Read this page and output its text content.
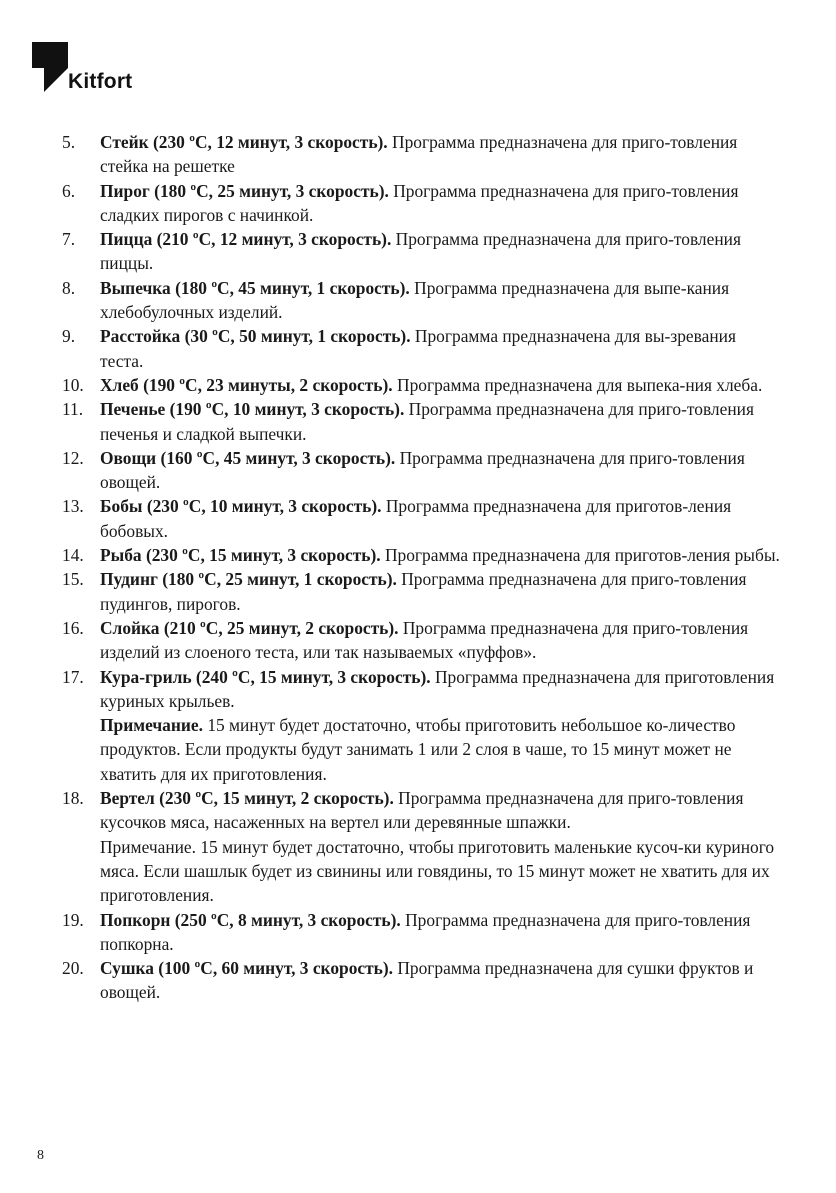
Kitfort
5.	Стейк (230 ºC, 12 минут, 3 скорость). Программа предназначена для приго-товления стейка на решетке
6.	Пирог (180 ºC, 25 минут, 3 скорость). Программа предназначена для приго-товления сладких пирогов с начинкой.
7.	Пицца (210 ºC, 12 минут, 3 скорость). Программа предназначена для приго-товления пиццы.
8.	Выпечка (180 ºC, 45 минут, 1 скорость). Программа предназначена для выпе-кания хлебобулочных изделий.
9.	Расстойка (30 ºC, 50 минут, 1 скорость). Программа предназначена для вы-зревания теста.
10. Хлеб (190 ºC, 23 минуты, 2 скорость). Программа предназначена для выпека-ния хлеба.
11. Печенье (190 ºC, 10 минут, 3 скорость). Программа предназначена для приго-товления печенья и сладкой выпечки.
12. Овощи (160 ºC, 45 минут, 3 скорость). Программа предназначена для приго-товления овощей.
13. Бобы (230 ºC, 10 минут, 3 скорость). Программа предназначена для приготов-ления бобовых.
14. Рыба (230 ºC, 15 минут, 3 скорость). Программа предназначена для приготов-ления рыбы.
15. Пудинг (180 ºC, 25 минут, 1 скорость). Программа предназначена для приго-товления пудингов, пирогов.
16. Слойка (210 ºC, 25 минут, 2 скорость). Программа предназначена для приго-товления изделий из слоеного теста, или так называемых «пуффов».
17. Кура-гриль (240 ºC, 15 минут, 3 скорость). Программа предназначена для приготовления куриных крыльев.
Примечание. 15 минут будет достаточно, чтобы приготовить небольшое ко-личество продуктов. Если продукты будут занимать 1 или 2 слоя в чаше, то 15 минут может не хватить для их приготовления.
18. Вертел (230 ºC, 15 минут, 2 скорость). Программа предназначена для приго-товления кусочков мяса, насаженных на вертел или деревянные шпажки.
Примечание. 15 минут будет достаточно, чтобы приготовить маленькие кусоч-ки куриного мяса. Если шашлык будет из свинины или говядины, то 15 минут может не хватить для их приготовления.
19. Попкорн (250 ºC, 8 минут, 3 скорость). Программа предназначена для приго-товления попкорна.
20. Сушка (100 ºC, 60 минут, 3 скорость). Программа предназначена для сушки фруктов и овощей.
8
